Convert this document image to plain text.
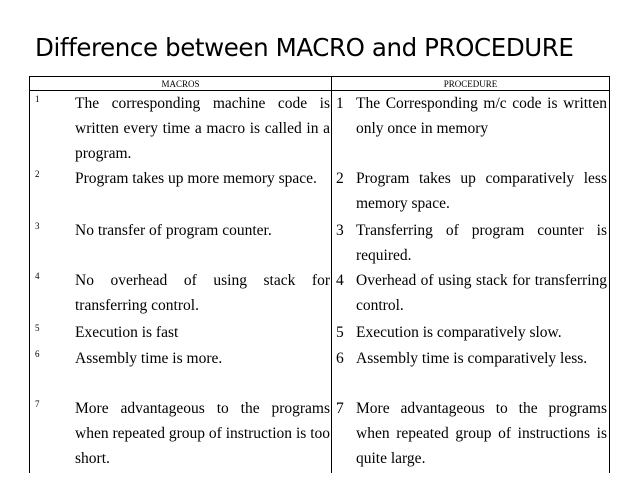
Difference between MACRO and PROCEDURE
MACROS	PROCEDURE

1 The corresponding machine code is written every time a macro is called in a program.	1 The Corresponding m/c code is written only once in memory

2 Program takes up more memory space.	2 Program takes up comparatively less memory space.

3 No transfer of program counter.	3 Transferring of program counter is required.

4 No overhead of using stack for transferring control.	4 Overhead of using stack for transferring control.

5 Execution is fast	5 Execution is comparatively slow.

6 Assembly time is more.	6 Assembly time is comparatively less.

7 More advantageous to the programs when repeated group of instruction is too short.	7 More advantageous to the programs when repeated group of instructions is quite large.
